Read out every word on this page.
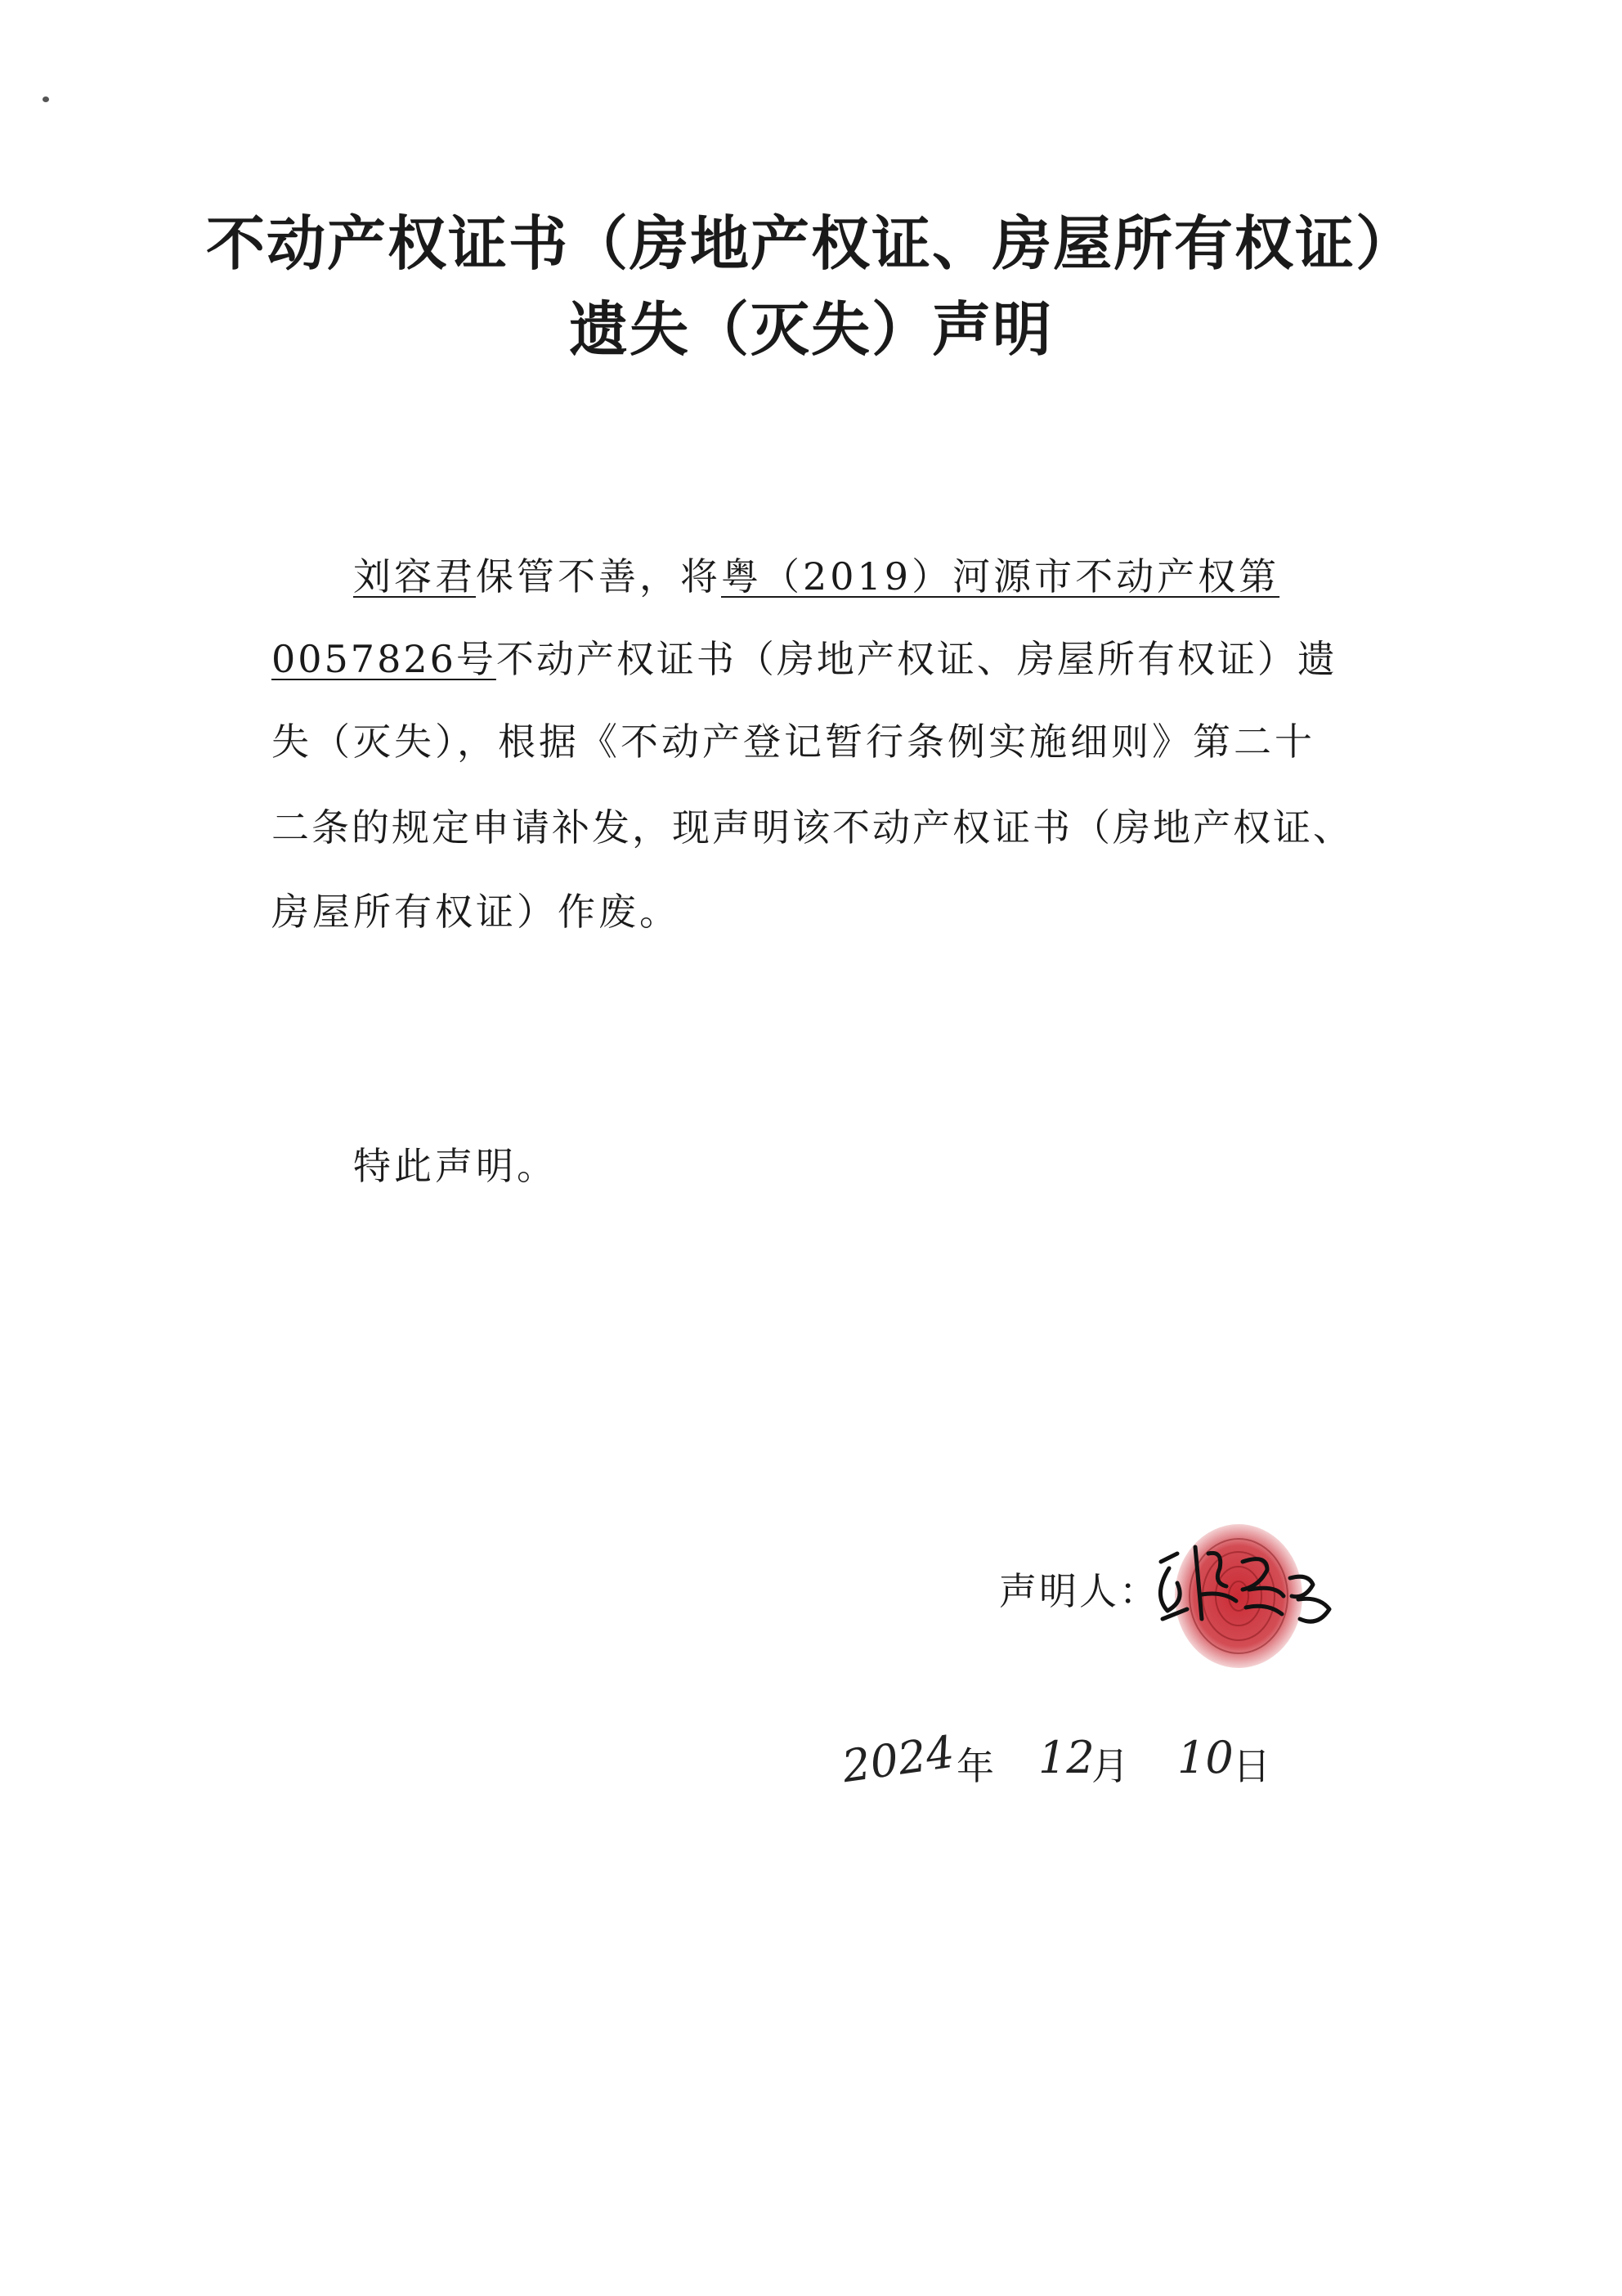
不动产权证书（房地产权证、房屋所有权证）
遗失（灭失）声明

刘容君保管不善，将粤（2019）河源市不动产权第

0057826号不动产权证书（房地产权证、房屋所有权证）遗

失（灭失），根据《不动产登记暂行条例实施细则》第二十

二条的规定申请补发，现声明该不动产权证书（房地产权证、

房屋所有权证）作废。

特此声明。

声明人：
2024
年 12
月 10 日
